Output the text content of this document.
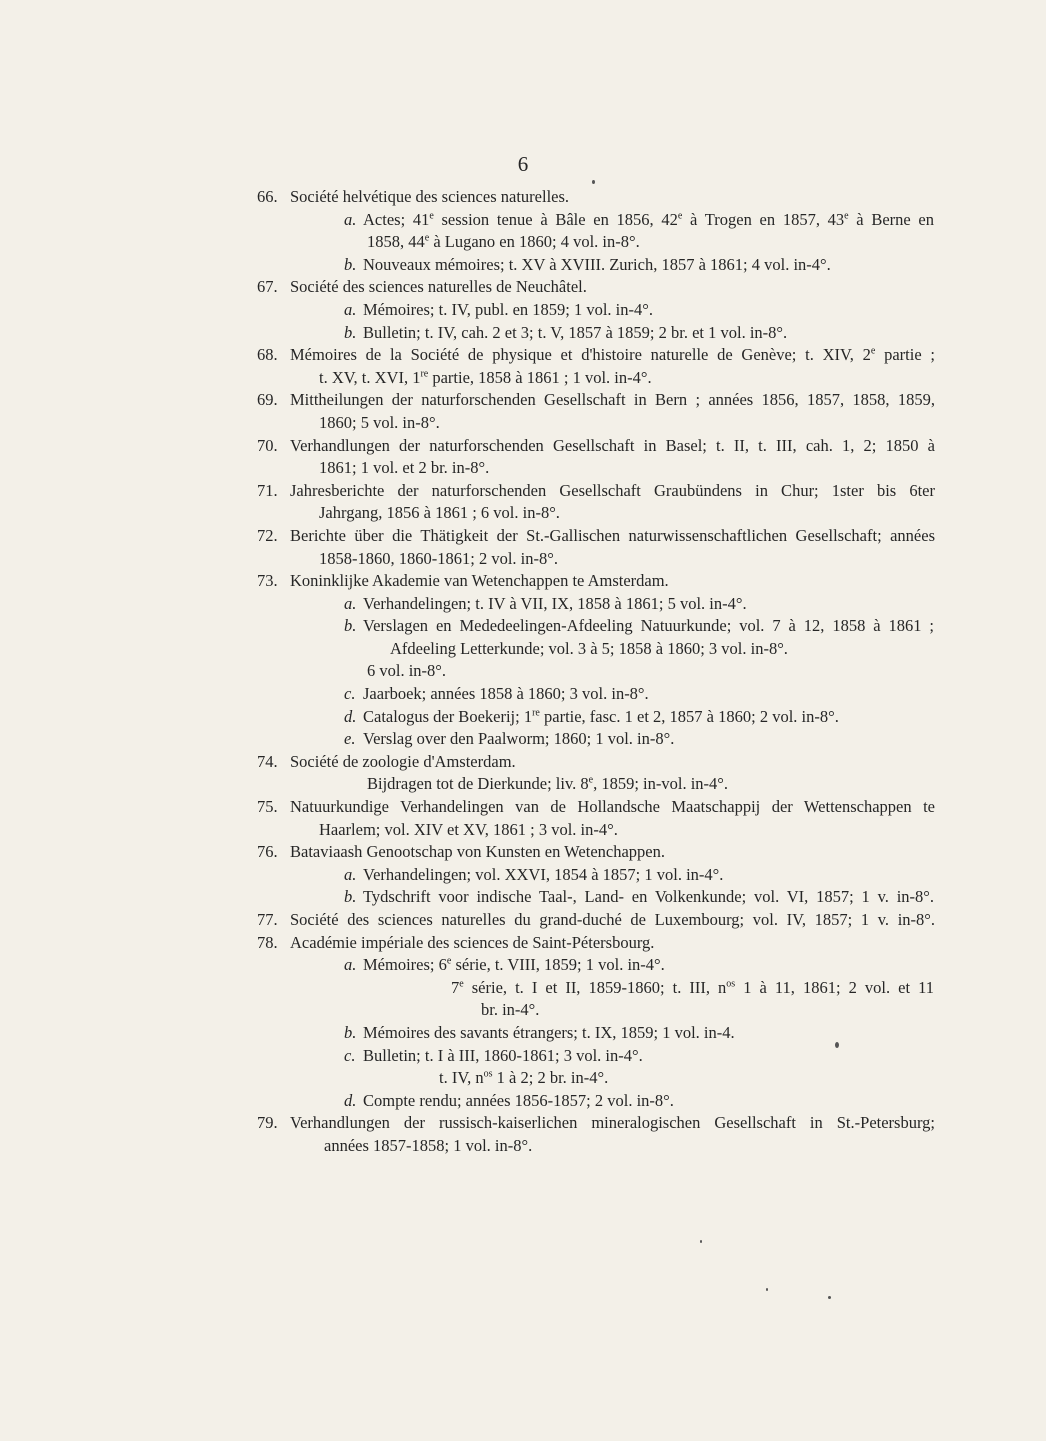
6
66. Société helvétique des sciences naturelles.
a. Actes; 41e session tenue à Bâle en 1856, 42e à Trogen en 1857, 43e à Berne en
1858, 44e à Lugano en 1860; 4 vol. in-8°.
b. Nouveaux mémoires; t. XV à XVIII. Zurich, 1857 à 1861; 4 vol. in-4°.
67. Société des sciences naturelles de Neuchâtel.
a. Mémoires; t. IV, publ. en 1859; 1 vol. in-4°.
b. Bulletin; t. IV, cah. 2 et 3; t. V, 1857 à 1859; 2 br. et 1 vol. in-8°.
68. Mémoires de la Société de physique et d'histoire naturelle de Genève; t. XIV, 2e partie ;
t. XV, t. XVI, 1re partie, 1858 à 1861 ; 1 vol. in-4°.
69. Mittheilungen der naturforschenden Gesellschaft in Bern ; années 1856, 1857, 1858, 1859,
1860; 5 vol. in-8°.
70. Verhandlungen der naturforschenden Gesellschaft in Basel; t. II, t. III, cah. 1, 2; 1850 à
1861; 1 vol. et 2 br. in-8°.
71. Jahresberichte der naturforschenden Gesellschaft Graubündens in Chur; 1ster bis 6ter
Jahrgang, 1856 à 1861 ; 6 vol. in-8°.
72. Berichte über die Thätigkeit der St.-Gallischen naturwissenschaftlichen Gesellschaft; années
1858-1860, 1860-1861; 2 vol. in-8°.
73. Koninklijke Akademie van Wetenchappen te Amsterdam.
a. Verhandelingen; t. IV à VII, IX, 1858 à 1861; 5 vol. in-4°.
b. Verslagen en Mededeelingen-Afdeeling Natuurkunde; vol. 7 à 12, 1858 à 1861 ;
Afdeeling Letterkunde; vol. 3 à 5; 1858 à 1860; 3 vol. in-8°.
6 vol. in-8°.
c. Jaarboek; années 1858 à 1860; 3 vol. in-8°.
d. Catalogus der Boekerij; 1re partie, fasc. 1 et 2, 1857 à 1860; 2 vol. in-8°.
e. Verslag over den Paalworm; 1860; 1 vol. in-8°.
74. Société de zoologie d'Amsterdam.
Bijdragen tot de Dierkunde; liv. 8e, 1859; in-vol. in-4°.
75. Natuurkundige Verhandelingen van de Hollandsche Maatschappij der Wettenschappen te
Haarlem; vol. XIV et XV, 1861 ; 3 vol. in-4°.
76. Bataviaash Genootschap von Kunsten en Wetenchappen.
a. Verhandelingen; vol. XXVI, 1854 à 1857; 1 vol. in-4°.
b. Tydschrift voor indische Taal-, Land- en Volkenkunde; vol. VI, 1857; 1 v. in-8°.
77. Société des sciences naturelles du grand-duché de Luxembourg; vol. IV, 1857; 1 v. in-8°.
78. Académie impériale des sciences de Saint-Pétersbourg.
a. Mémoires; 6e série, t. VIII, 1859; 1 vol. in-4°.
7e série, t. I et II, 1859-1860; t. III, $n^{os}$ 1 à 11, 1861; 2 vol. et 11
br. in-4°.
b. Mémoires des savants étrangers; t. IX, 1859; 1 vol. in-4.
c. Bulletin; t. I à III, 1860-1861; 3 vol. in-4°.
t. IV, $n^{os}$ 1 à 2; 2 br. in-4°.
d. Compte rendu; années 1856-1857; 2 vol. in-8°.
79. Verhandlungen der russisch-kaiserlichen mineralogischen Gesellschaft in St.-Petersburg;
années 1857-1858; 1 vol. in-8°.
